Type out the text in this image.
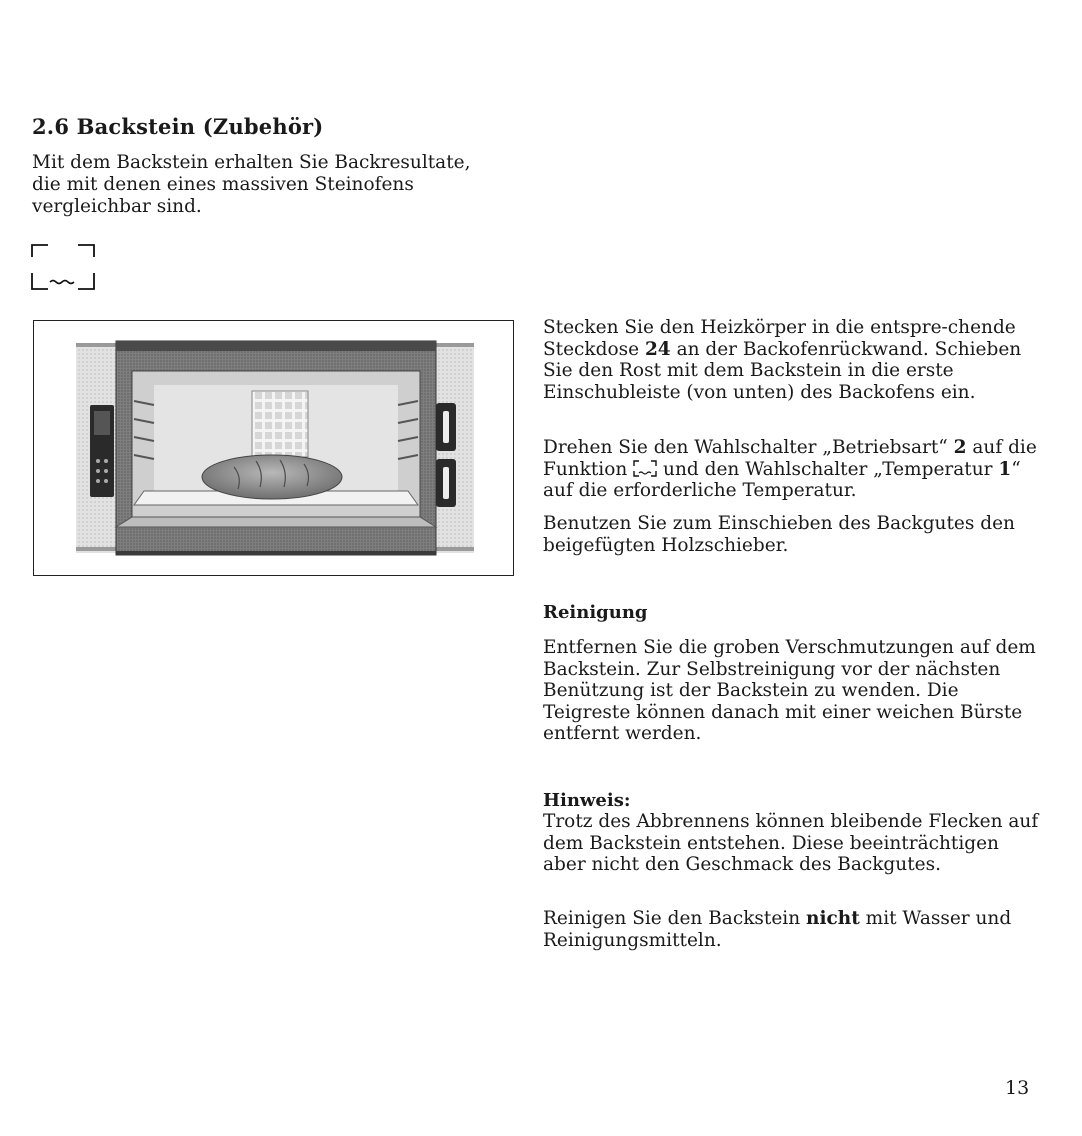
2.6 Backstein (Zubehör)

Mit dem Backstein erhalten Sie Backresultate, die mit denen eines massiven Steinofens vergleichbar sind.

Stecken Sie den Heizkörper in die entspre-chende Steckdose 24 an der Backofenrückwand. Schieben Sie den Rost mit dem Backstein in die erste Einschubleiste (von unten) des Backofens ein.

Drehen Sie den Wahlschalter „Betriebsart“ 2 auf die Funktion  und den Wahlschalter „Temperatur 1“ auf die erforderliche Temperatur.

Benutzen Sie zum Einschieben des Backgutes den beigefügten Holzschieber.

Reinigung

Entfernen Sie die groben Verschmutzungen auf dem Backstein. Zur Selbstreinigung vor der nächsten Benützung ist der Backstein zu wenden. Die Teigreste können danach mit einer weichen Bürste entfernt werden.

Hinweis:

Trotz des Abbrennens können bleibende Flecken auf dem Backstein entstehen. Diese beeinträchtigen aber nicht den Geschmack des Backgutes.

Reinigen Sie den Backstein nicht mit Wasser und Reinigungsmitteln.

13
